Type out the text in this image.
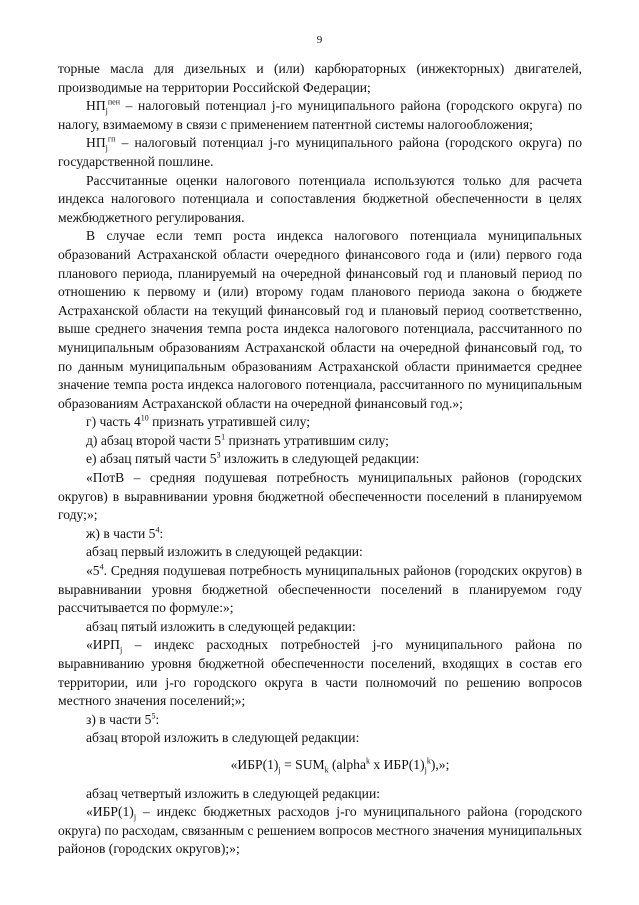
9

торные масла для дизельных и (или) карбюраторных (инжекторных) двигателей, производимые на территории Российской Федерации;

$НП_j^{пен}$ – налоговый потенциал j-го муниципального района (городского округа) по налогу, взимаемому в связи с применением патентной системы налогообложения;

$НП_j^{гп}$ – налоговый потенциал j-го муниципального района (городского округа) по государственной пошлине.

Рассчитанные оценки налогового потенциала используются только для расчета индекса налогового потенциала и сопоставления бюджетной обеспеченности в целях межбюджетного регулирования.

В случае если темп роста индекса налогового потенциала муниципальных образований Астраханской области очередного финансового года и (или) первого года планового периода, планируемый на очередной финансовый год и плановый период по отношению к первому и (или) второму годам планового периода закона о бюджете Астраханской области на текущий финансовый год и плановый период соответственно, выше среднего значения темпа роста индекса налогового потенциала, рассчитанного по муниципальным образованиям Астраханской области на очередной финансовый год, то по данным муниципальным образованиям Астраханской области принимается среднее значение темпа роста индекса налогового потенциала, рассчитанного по муниципальным образованиям Астраханской области на очередной финансовый год.»;

г) часть $4^{10}$ признать утратившей силу;

д) абзац второй части $5^1$ признать утратившим силу;

е) абзац пятый части $5^3$ изложить в следующей редакции:

«ПотВ – средняя подушевая потребность муниципальных районов (городских округов) в выравнивании уровня бюджетной обеспеченности поселений в планируемом году;»;

ж) в части $5^4$:

абзац первый изложить в следующей редакции:

«$5^4$. Средняя подушевая потребность муниципальных районов (городских округов) в выравнивании уровня бюджетной обеспеченности поселений в планируемом году рассчитывается по формуле:»;

абзац пятый изложить в следующей редакции:

«$ИРП_j$ – индекс расходных потребностей j-го муниципального района по выравниванию уровня бюджетной обеспеченности поселений, входящих в состав его территории, или j-го городского округа в части полномочий по решению вопросов местного значения поселений;»;

з) в части $5^5$:

абзац второй изложить в следующей редакции:

«$ИБР(1)_j = SUM_k$ (alpha$^k$ x $ИБР(1)_j^k$),»;

абзац четвертый изложить в следующей редакции:

«$ИБР(1)_j$ – индекс бюджетных расходов j-го муниципального района (городского округа) по расходам, связанным с решением вопросов местного значения муниципальных районов (городских округов);»;
